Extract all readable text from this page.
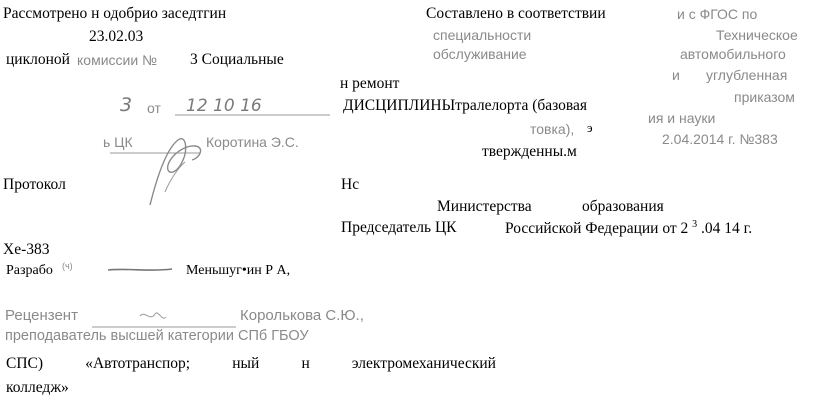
Рассмотрено н одобрио заседтгин
23.02.03
циклоной комиссии № 3 Социальные
3 от 12 10 16
ь ЦК	Коротина Э.С.
Протокол
Хе-383
Разрабо (ч)	Меньшуг•ин Р А,
Рецензент	Королькова С.Ю.,
преподаватель высшей категории СПб ГБОУ
СПС)	«Автотранспор;	ный	н	электромеханический
колледж»
Составлено в соответствии	и с ФГОС по
специальности	Техническое
обслуживание	автомобильного
и углубленная
н ремонт
приказом
ДИСЦИПЛИНЫтралелорта (базовая
ия и науки
товка), э
2.04.2014 г. №383
твержденны.м
Нс
Министерства	образования
Председатель ЦК	Российской Федерации от 2 $^3$ .04 14 г.
